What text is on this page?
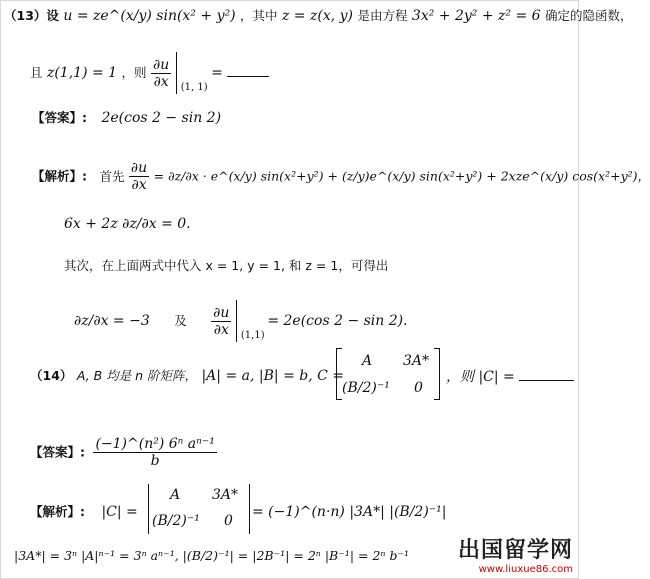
（13）设 u = ze^(x/y) sin(x² + y²) ，其中 z = z(x, y) 是由方程 3x² + 2y² + z² = 6 确定的隐函数，
且 z(1,1) = 1 ，则 $\frac{\partial u}{\partial x}$
(1, 1)
=
【答案】: 2e(cos 2 − sin 2)
【解析】: 首先 $\frac{\partial u}{\partial x} = \partial z/\partial x$ · e^(x/y) sin(x²+y²) + (z/y)e^(x/y) sin(x²+y²) + 2xze^(x/y) cos(x²+y²)，
6x + 2z ∂z/∂x = 0.
其次，在上面两式中代入 x = 1, y = 1, 和 z = 1，可得出
∂z/∂x = −3 及 $\frac{\partial u}{\partial x}$
(1,1)
= 2e(cos 2 − sin 2).
（14） A, B 均是 n 阶矩阵， |A| = a, |B| = b, C =
A 3A*
(B/2)⁻¹ 0
，则 |C| =
【答案】: $\frac{\text{(−1)\textasciicircum{}(n²) 6ⁿ aⁿ⁻¹}}{b}$
【解析】: |C| =
A 3A*
(B/2)⁻¹ 0
= (−1)^(n·n) |3A*| |(B/2)⁻¹|
|3A*| = 3ⁿ |A|ⁿ⁻¹ = 3ⁿ aⁿ⁻¹, |(B/2)⁻¹| = |2B⁻¹| = 2ⁿ |B⁻¹| = 2ⁿ b⁻¹ 出国留学网
www.liuxue86.com
